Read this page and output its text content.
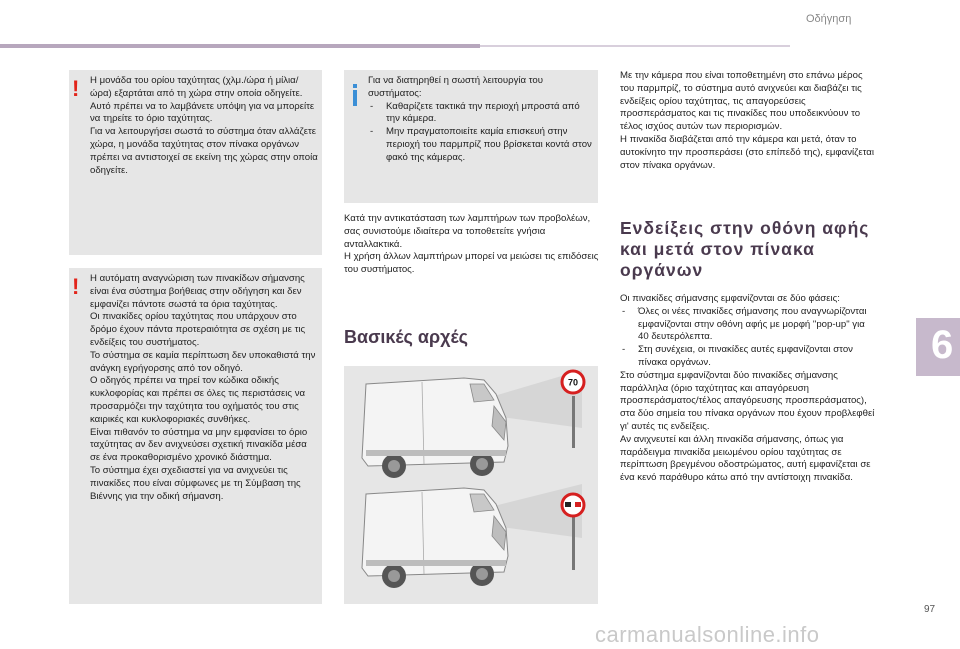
Οδήγηση
! Η μονάδα του ορίου ταχύτητας (χλμ./ώρα ή μίλια/ώρα) εξαρτάται από τη χώρα στην οποία οδηγείτε.

Αυτό πρέπει να το λαμβάνετε υπόψη για να μπορείτε να τηρείτε το όριο ταχύτητας.

Για να λειτουργήσει σωστά το σύστημα όταν αλλάζετε χώρα, η μονάδα ταχύτητας στον πίνακα οργάνων πρέπει να αντιστοιχεί σε εκείνη της χώρας στην οποία οδηγείτε.

! Η αυτόματη αναγνώριση των πινακίδων σήμανσης είναι ένα σύστημα βοήθειας στην οδήγηση και δεν εμφανίζει πάντοτε σωστά τα όρια ταχύτητας.

Οι πινακίδες ορίου ταχύτητας που υπάρχουν στο δρόμο έχουν πάντα προτεραιότητα σε σχέση με τις ενδείξεις του συστήματος.

Το σύστημα σε καμία περίπτωση δεν υποκαθιστά την ανάγκη εγρήγορσης από τον οδηγό.

Ο οδηγός πρέπει να τηρεί τον κώδικα οδικής κυκλοφορίας και πρέπει σε όλες τις περιστάσεις να προσαρμόζει την ταχύτητα του οχήματός του στις καιρικές και κυκλοφοριακές συνθήκες.

Είναι πιθανόν το σύστημα να μην εμφανίσει το όριο ταχύτητας αν δεν ανιχνεύσει σχετική πινακίδα μέσα σε ένα προκαθορισμένο χρονικό διάστημα.

Το σύστημα έχει σχεδιαστεί για να ανιχνεύει τις πινακίδες που είναι σύμφωνες με τη Σύμβαση της Βιέννης για την οδική σήμανση.

Για να διατηρηθεί η σωστή λειτουργία του συστήματος:

- Καθαρίζετε τακτικά την περιοχή μπροστά από την κάμερα.

- Μην πραγματοποιείτε καμία επισκευή στην περιοχή του παρμπρίζ που βρίσκεται κοντά στον φακό της κάμερας.

Κατά την αντικατάσταση των λαμπτήρων των προβολέων, σας συνιστούμε ιδιαίτερα να τοποθετείτε γνήσια ανταλλακτικά.

Η χρήση άλλων λαμπτήρων μπορεί να μειώσει τις επιδόσεις του συστήματος.

Βασικές αρχές
70

Με την κάμερα που είναι τοποθετημένη στο επάνω μέρος του παρμπρίζ, το σύστημα αυτό ανιχνεύει και διαβάζει τις ενδείξεις ορίου ταχύτητας, τις απαγορεύσεις προσπεράσματος και τις πινακίδες που υποδεικνύουν το τέλος ισχύος αυτών των περιορισμών.

Η πινακίδα διαβάζεται από την κάμερα και μετά, όταν το αυτοκίνητο την προσπεράσει (στο επίπεδό της), εμφανίζεται στον πίνακα οργάνων.

Ενδείξεις στην οθόνη αφής και μετά στον πίνακα οργάνων

Οι πινακίδες σήμανσης εμφανίζονται σε δύο φάσεις:

- Όλες οι νέες πινακίδες σήμανσης που αναγνωρίζονται εμφανίζονται στην οθόνη αφής με μορφή "pop-up" για 40 δευτερόλεπτα.

- Στη συνέχεια, οι πινακίδες αυτές εμφανίζονται στον πίνακα οργάνων.

Στο σύστημα εμφανίζονται δύο πινακίδες σήμανσης παράλληλα (όριο ταχύτητας και απαγόρευση προσπεράσματος/τέλος απαγόρευσης προσπεράσματος), στα δύο σημεία του πίνακα οργάνων που έχουν προβλεφθεί γι' αυτές τις ενδείξεις.

Αν ανιχνευτεί και άλλη πινακίδα σήμανσης, όπως για παράδειγμα πινακίδα μειωμένου ορίου ταχύτητας σε περίπτωση βρεγμένου οδοστρώματος, αυτή εμφανίζεται σε ένα κενό παράθυρο κάτω από την αντίστοιχη πινακίδα.

6
97
carmanualsonline.info
